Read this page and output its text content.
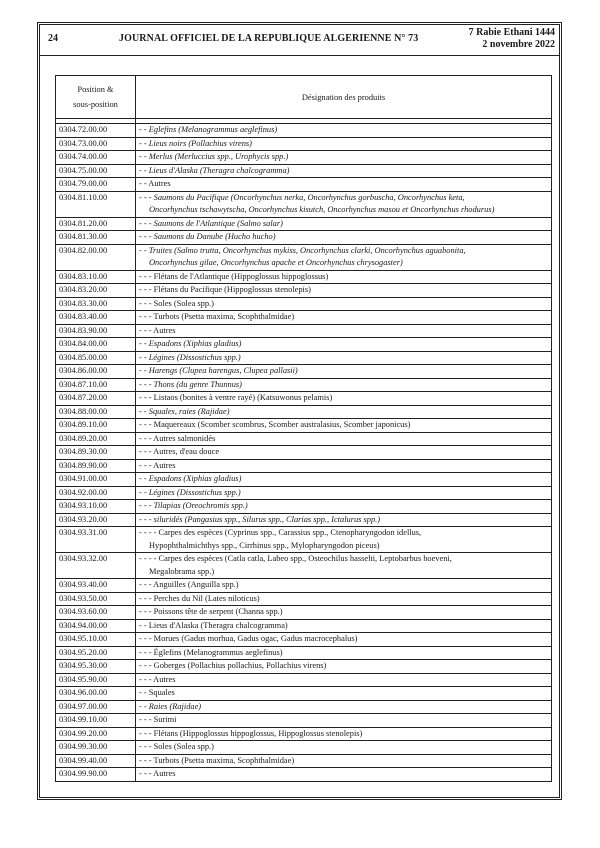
24	JOURNAL OFFICIEL DE LA REPUBLIQUE ALGERIENNE N° 73
7 Rabie Ethani 1444
2 novembre 2022
Position &
sous-position	Désignation des produits

0304.72.00.00	- - Eglefins (Melanogrammus aeglefinus)
0304.73.00.00	- - Lieus noirs (Pollachius virens)
0304.74.00.00	- - Merlus (Merluccius spp., Urophycis spp.)
0304.75.00.00	- - Lieus d'Alaska (Theragra chalcogramma)
0304.79.00.00	- - Autres
0304.81.10.00	- - - Saumons du Pacifique (Oncorhynchus nerka, Oncorhynchus gorbuscha, Oncorhynchus keta,
Oncorhynchus tschawytscha, Oncorhynchus kisutch, Oncorhynchus masou et Oncorhynchus rhodurus)

0304.81.20.00	- - - Saumons de l'Atlantique (Salmo salar)
0304.81.30.00	- - - Saumons du Danube (Hucho hucho)
0304.82.00.00	- - Truites (Salmo trutta, Oncorhynchus mykiss, Oncorhynchus clarki, Oncorhynchus aguabonita,
Oncorhynchus gilae, Oncorhynchus apache et Oncorhynchus chrysogaster)

0304.83.10.00	- - - Flétans de l'Atlantique (Hippoglossus hippoglossus)
0304.83.20.00	- - - Flétans du Pacifique (Hippoglossus stenolepis)
0304.83.30.00	- - - Soles (Solea spp.)
0304.83.40.00	- - - Turbots (Psetta maxima, Scophthalmidae)
0304.83.90.00	- - - Autres
0304.84.00.00	- - Espadons (Xiphias gladius)
0304.85.00.00	- - Légines (Dissostichus spp.)
0304.86.00.00	- - Harengs (Clupea harengus, Clupea pallasii)
0304.87.10.00	- - - Thons (du genre Thunnus)
0304.87.20.00	- - - Listaos (bonites à ventre rayé) (Katsuwonus pelamis)
0304.88.00.00	- - Squales, raies (Rajidae)
0304.89.10.00	- - - Maquereaux (Scomber scombrus, Scomber australasius, Scomber japonicus)
0304.89.20.00	- - - Autres salmonidés
0304.89.30.00	- - - Autres, d'eau douce
0304.89.90.00	- - - Autres
0304.91.00.00	- - Espadons (Xiphias gladius)
0304.92.00.00	- - Légines (Dissostichus spp.)
0304.93.10.00	- - - Tilapias (Oreochromis spp.)
0304.93.20.00	- - - siluridés (Pangasius spp., Silurus spp., Clarias spp., Ictalurus spp.)
0304.93.31.00	- - - - Carpes des espèces (Cyprinus spp., Carassius spp., Ctenopharyngodon idellus,
Hypophthalmichthys spp., Cirrhinus spp., Mylopharyngodon piceus)

0304.93.32.00	- - - - Carpes des espèces (Catla catla, Labeo spp., Osteochilus hasselti, Leptobarbus hoeveni,
Megalobrama spp.)

0304.93.40.00	- - - Anguilles (Anguilla spp.)
0304.93.50.00	- - - Perches du Nil (Lates niloticus)
0304.93.60.00	- - - Poissons tête de serpent (Channa spp.)
0304.94.00.00	- - Lieus d'Alaska (Theragra chalcogramma)
0304.95.10.00	- - - Morues (Gadus morhua, Gadus ogac, Gadus macrocephalus)
0304.95.20.00	- - - Églefins (Melanogrammus aeglefinus)
0304.95.30.00	- - - Goberges (Pollachius pollachius, Pollachius virens)
0304.95.90.00	- - - Autres
0304.96.00.00	- - Squales
0304.97.00.00	- - Raies (Rajidae)
0304.99.10.00	- - - Surimi
0304.99.20.00	- - - Flétans (Hippoglossus hippoglossus, Hippoglossus stenolepis)
0304.99.30.00	- - - Soles (Solea spp.)
0304.99.40.00	- - - Turbots (Psetta maxima, Scophthalmidae)
0304.99.90.00	- - - Autres
